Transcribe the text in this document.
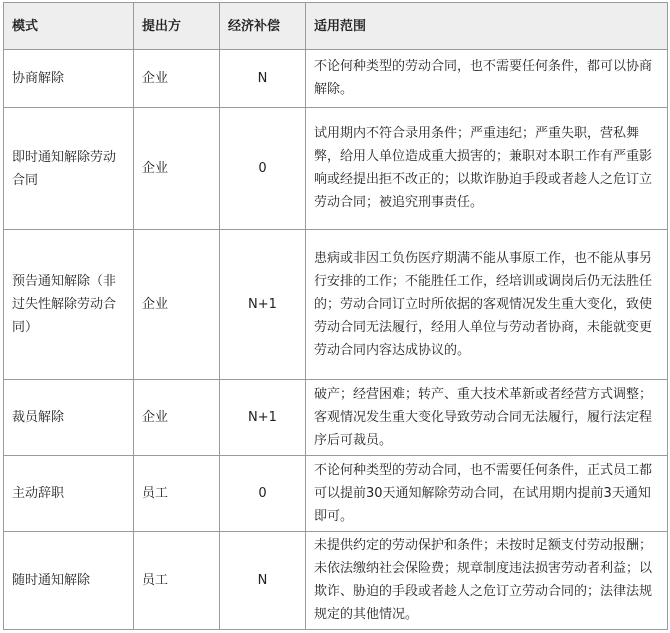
模式	提出方	经济补偿	适用范围
协商解除	企业	N	不论何种类型的劳动合同，也不需要任何条件，都可以协商解除。
即时通知解除劳动合同	企业	0	试用期内不符合录用条件；严重违纪；严重失职，营私舞弊，给用人单位造成重大损害的；兼职对本职工作有严重影响或经提出拒不改正的；以欺诈胁迫手段或者趁人之危订立劳动合同；被追究刑事责任。
预告通知解除（非过失性解除劳动合同）	企业	N+1	患病或非因工负伤医疗期满不能从事原工作，也不能从事另行安排的工作；不能胜任工作，经培训或调岗后仍无法胜任的；劳动合同订立时所依据的客观情况发生重大变化，致使劳动合同无法履行，经用人单位与劳动者协商，未能就变更劳动合同内容达成协议的。
裁员解除	企业	N+1	破产；经营困难；转产、重大技术革新或者经营方式调整；客观情况发生重大变化导致劳动合同无法履行，履行法定程序后可裁员。
主动辞职	员工	0	不论何种类型的劳动合同，也不需要任何条件，正式员工都可以提前30天通知解除劳动合同，在试用期内提前3天通知即可。
随时通知解除	员工	N	未提供约定的劳动保护和条件；未按时足额支付劳动报酬；未依法缴纳社会保险费；规章制度违法损害劳动者利益；以欺诈、胁迫的手段或者趁人之危订立劳动合同的；法律法规规定的其他情况。
